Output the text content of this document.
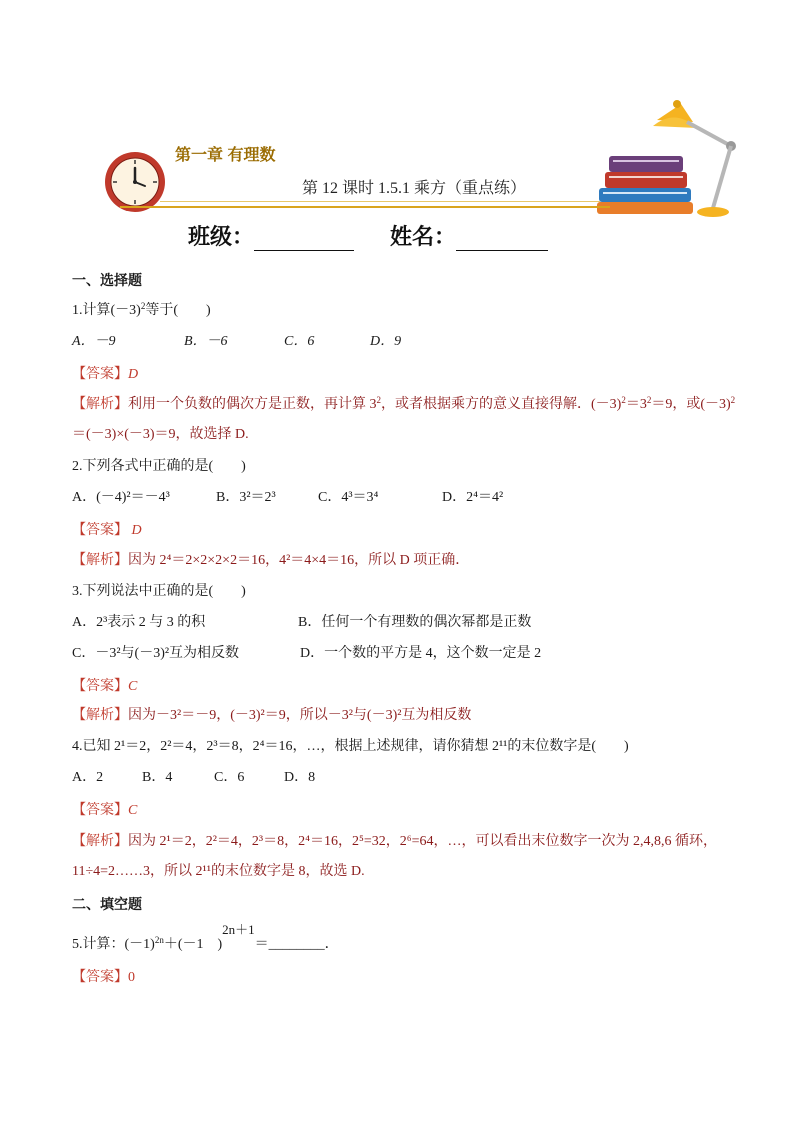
第一章 有理数
第 12 课时 1.5.1 乘方（重点练）
班级：	姓名：
一、选择题
1.计算$(-3)^2$等于(　　)
A．－9	B．－6	C．6	D．9
【答案】D
【解析】利用一个负数的偶次方是正数，再计算 $3^2$，或者根据乘方的意义直接得解．$(-3)^2=3^2=9$，或$(-3)^2$
＝(－3)×(－3)＝9，故选择 D.
2.下列各式中正确的是(　　)
A．(－4)²＝－4³	B．3²＝2³	C．4³＝3⁴	D．2⁴＝4²
【答案】 D
【解析】因为 2⁴＝2×2×2×2＝16，4²＝4×4＝16，所以 D 项正确．
3.下列说法中正确的是(　　)
A．2³表示 2 与 3 的积	B．任何一个有理数的偶次幂都是正数
C．－3²与(－3)²互为相反数	D．一个数的平方是 4，这个数一定是 2
【答案】C
【解析】因为－3²＝－9，(－3)²＝9，所以－3²与(－3)²互为相反数
4.已知 2¹＝2，2²＝4，2³＝8，2⁴＝16，…，根据上述规律，请你猜想 2¹¹的末位数字是(　　)
A．2	B．4	C．6	D．8
【答案】C
【解析】因为 2¹＝2，2²＝4，2³＝8，2⁴＝16，2⁵=32，2⁶=64，…，可以看出末位数字一次为 2,4,8,6 循环，
11÷4=2……3，所以 2¹¹的末位数字是 8，故选 D.
二、填空题
5.计算：$(-1)^{2n}+(-1$　)$^{2n+1}$＝________．
【答案】0
